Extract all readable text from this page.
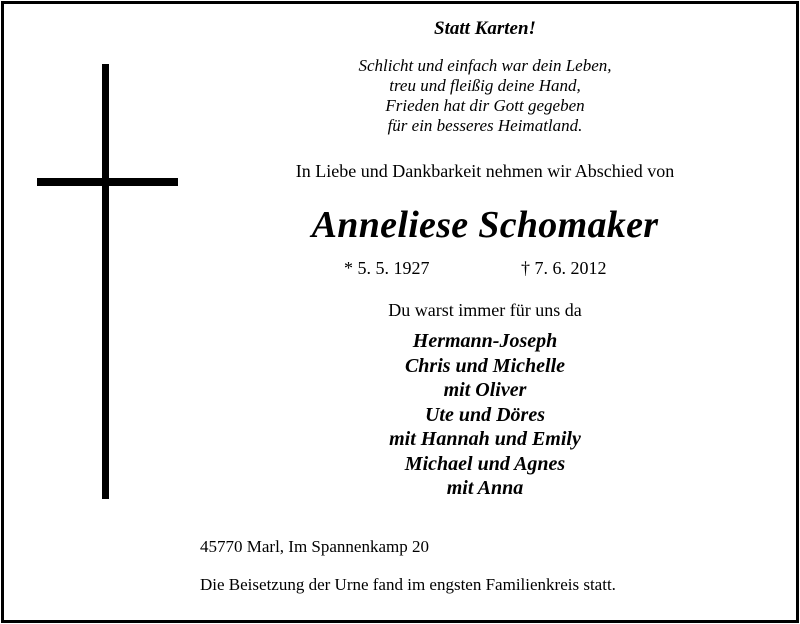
Statt Karten!
Schlicht und einfach war dein Leben,
treu und fleißig deine Hand,
Frieden hat dir Gott gegeben
für ein besseres Heimatland.
In Liebe und Dankbarkeit nehmen wir Abschied von
Anneliese Schomaker
* 5. 5. 1927	† 7. 6. 2012
Du warst immer für uns da
Hermann-Joseph
Chris und Michelle
mit Oliver
Ute und Döres
mit Hannah und Emily
Michael und Agnes
mit Anna
45770 Marl, Im Spannenkamp 20
Die Beisetzung der Urne fand im engsten Familienkreis statt.
